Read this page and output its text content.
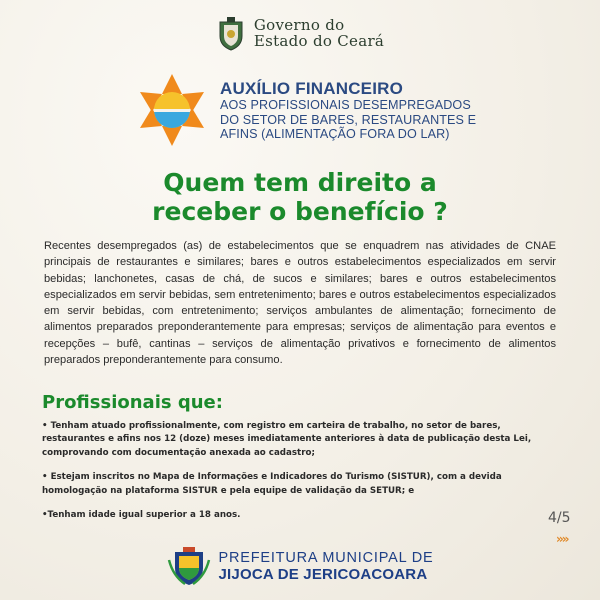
Governo do
Estado do Ceará
AUXÍLIO FINANCEIRO
AOS PROFISSIONAIS DESEMPREGADOS
DO SETOR DE BARES, RESTAURANTES E
AFINS (ALIMENTAÇÃO FORA DO LAR)
Quem tem direito a
receber o benefício ?
Recentes desempregados (as) de estabelecimentos que se enquadrem nas atividades de CNAE principais de restaurantes e similares; bares e outros estabelecimentos especializados em servir bebidas; lanchonetes, casas de chá, de sucos e similares; bares e outros estabelecimentos especializados em servir bebidas, sem entretenimento; bares e outros estabelecimentos especializados em servir bebidas, com entretenimento; serviços ambulantes de alimentação; fornecimento de alimentos preparados preponderantemente para empresas; serviços de alimentação para eventos e recepções – bufê, cantinas – serviços de alimentação privativos e fornecimento de alimentos preparados preponderantemente para consumo.
Profissionais que:
• Tenham atuado profissionalmente, com registro em carteira de trabalho, no setor de bares, restaurantes e afins nos 12 (doze) meses imediatamente anteriores à data de publicação desta Lei, comprovando com documentação anexada ao cadastro;
• Estejam inscritos no Mapa de Informações e Indicadores do Turismo (SISTUR), com a devida homologação na plataforma SISTUR e pela equipe de validação da SETUR; e
•Tenham idade igual superior a 18 anos.	4/5
»»
PREFEITURA MUNICIPAL DE
JIJOCA DE JERICOACOARA
